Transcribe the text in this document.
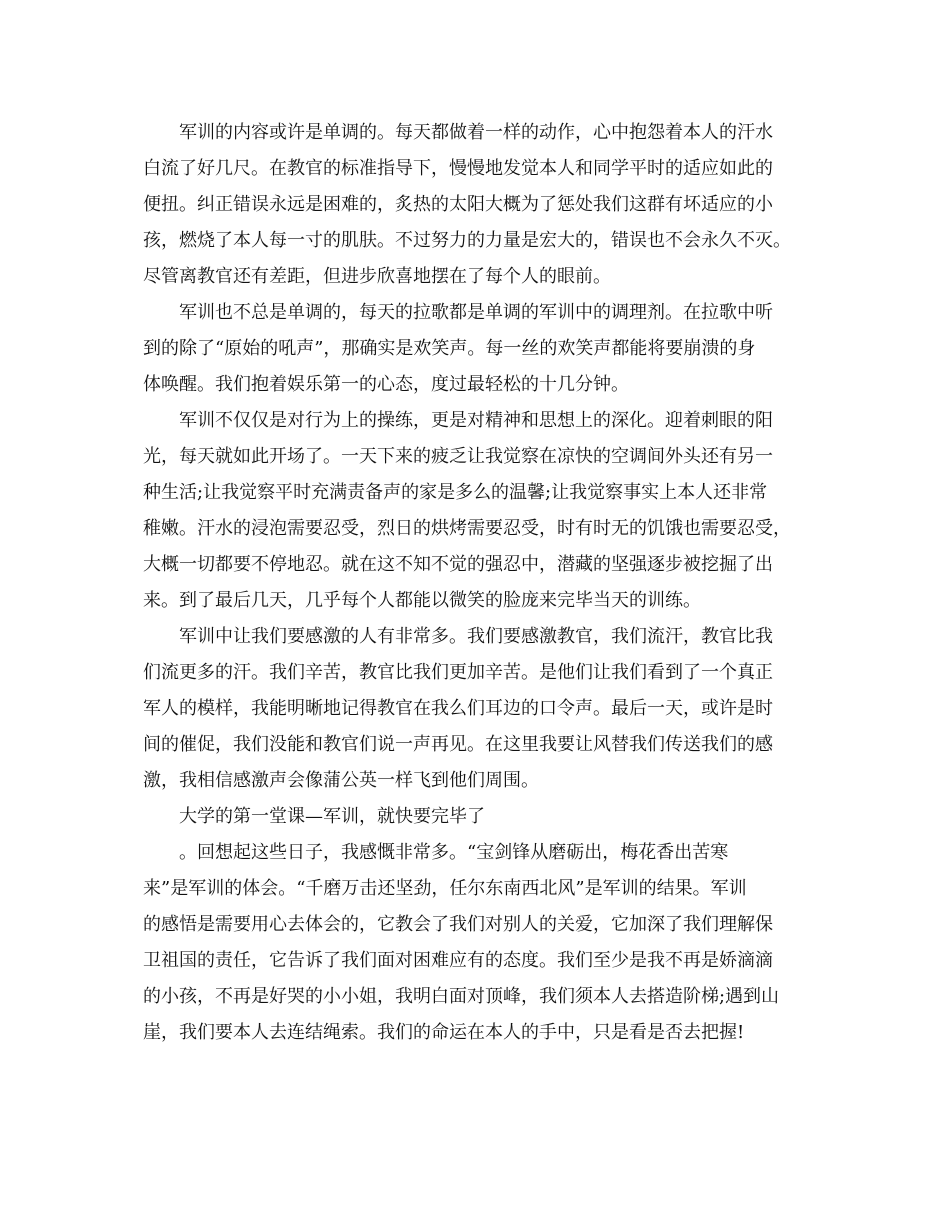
军训的内容或许是单调的。每天都做着一样的动作，心中抱怨着本人的汗水
白流了好几尺。在教官的标准指导下，慢慢地发觉本人和同学平时的适应如此的
便扭。纠正错误永远是困难的，炙热的太阳大概为了惩处我们这群有坏适应的小
孩，燃烧了本人每一寸的肌肤。不过努力的力量是宏大的，错误也不会永久不灭。
尽管离教官还有差距，但进步欣喜地摆在了每个人的眼前。
军训也不总是单调的，每天的拉歌都是单调的军训中的调理剂。在拉歌中听
到的除了“原始的吼声”，那确实是欢笑声。每一丝的欢笑声都能将要崩溃的身
体唤醒。我们抱着娱乐第一的心态，度过最轻松的十几分钟。
军训不仅仅是对行为上的操练，更是对精神和思想上的深化。迎着刺眼的阳
光，每天就如此开场了。一天下来的疲乏让我觉察在凉快的空调间外头还有另一
种生活;让我觉察平时充满责备声的家是多么的温馨;让我觉察事实上本人还非常
稚嫩。汗水的浸泡需要忍受，烈日的烘烤需要忍受，时有时无的饥饿也需要忍受，
大概一切都要不停地忍。就在这不知不觉的强忍中，潜藏的坚强逐步被挖掘了出
来。到了最后几天，几乎每个人都能以微笑的脸庞来完毕当天的训练。
军训中让我们要感激的人有非常多。我们要感激教官，我们流汗，教官比我
们流更多的汗。我们辛苦，教官比我们更加辛苦。是他们让我们看到了一个真正
军人的模样，我能明晰地记得教官在我么们耳边的口令声。最后一天，或许是时
间的催促，我们没能和教官们说一声再见。在这里我要让风替我们传送我们的感
激，我相信感激声会像蒲公英一样飞到他们周围。
大学的第一堂课—军训，就快要完毕了
。回想起这些日子，我感慨非常多。“宝剑锋从磨砺出，梅花香出苦寒
来”是军训的体会。“千磨万击还坚劲，任尔东南西北风”是军训的结果。军训
的感悟是需要用心去体会的，它教会了我们对别人的关爱，它加深了我们理解保
卫祖国的责任，它告诉了我们面对困难应有的态度。我们至少是我不再是娇滴滴
的小孩，不再是好哭的小小姐，我明白面对顶峰，我们须本人去搭造阶梯;遇到山
崖，我们要本人去连结绳索。我们的命运在本人的手中，只是看是否去把握!
